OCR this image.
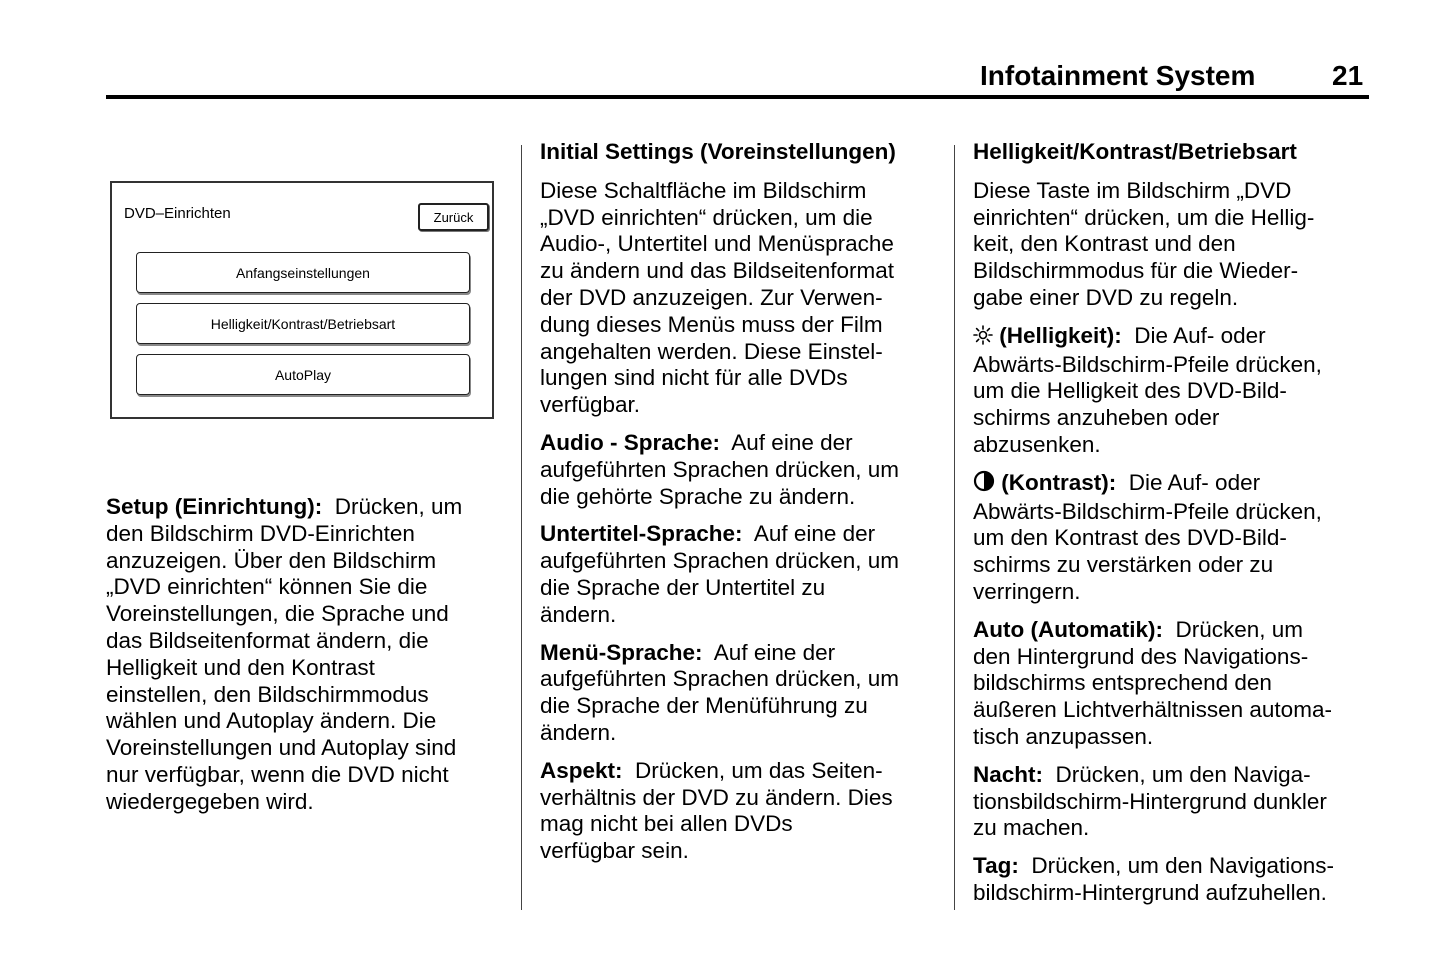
Infotainment System	21
DVD–Einrichten	Zurück
Anfangseinstellungen
Helligkeit/Kontrast/Betriebsart
AutoPlay

Setup (Einrichtung): Drücken, um
den Bildschirm DVD-Einrichten
anzuzeigen. Über den Bildschirm
„DVD einrichten“ können Sie die
Voreinstellungen, die Sprache und
das Bildseitenformat ändern, die
Helligkeit und den Kontrast
einstellen, den Bildschirmmodus
wählen und Autoplay ändern. Die
Voreinstellungen und Autoplay sind
nur verfügbar, wenn die DVD nicht
wiedergegeben wird.

Initial Settings (Voreinstellungen)

Diese Schaltfläche im Bildschirm
„DVD einrichten“ drücken, um die
Audio-, Untertitel und Menüsprache
zu ändern und das Bildseitenformat
der DVD anzuzeigen. Zur Verwen-
dung dieses Menüs muss der Film
angehalten werden. Diese Einstel-
lungen sind nicht für alle DVDs
verfügbar.

Audio - Sprache: Auf eine der
aufgeführten Sprachen drücken, um
die gehörte Sprache zu ändern.

Untertitel-Sprache: Auf eine der
aufgeführten Sprachen drücken, um
die Sprache der Untertitel zu
ändern.

Menü-Sprache: Auf eine der
aufgeführten Sprachen drücken, um
die Sprache der Menüführung zu
ändern.

Aspekt: Drücken, um das Seiten-
verhältnis der DVD zu ändern. Dies
mag nicht bei allen DVDs
verfügbar sein.

Helligkeit/Kontrast/Betriebsart

Diese Taste im Bildschirm „DVD
einrichten“ drücken, um die Hellig-
keit, den Kontrast und den
Bildschirmmodus für die Wieder-
gabe einer DVD zu regeln.

(Helligkeit): Die Auf- oder
Abwärts-Bildschirm-Pfeile drücken,
um die Helligkeit des DVD-Bild-
schirms anzuheben oder
abzusenken.

(Kontrast): Die Auf- oder
Abwärts-Bildschirm-Pfeile drücken,
um den Kontrast des DVD-Bild-
schirms zu verstärken oder zu
verringern.

Auto (Automatik): Drücken, um
den Hintergrund des Navigations-
bildschirms entsprechend den
äußeren Lichtverhältnissen automa-
tisch anzupassen.

Nacht: Drücken, um den Naviga-
tionsbildschirm-Hintergrund dunkler
zu machen.

Tag: Drücken, um den Navigations-
bildschirm-Hintergrund aufzuhellen.
